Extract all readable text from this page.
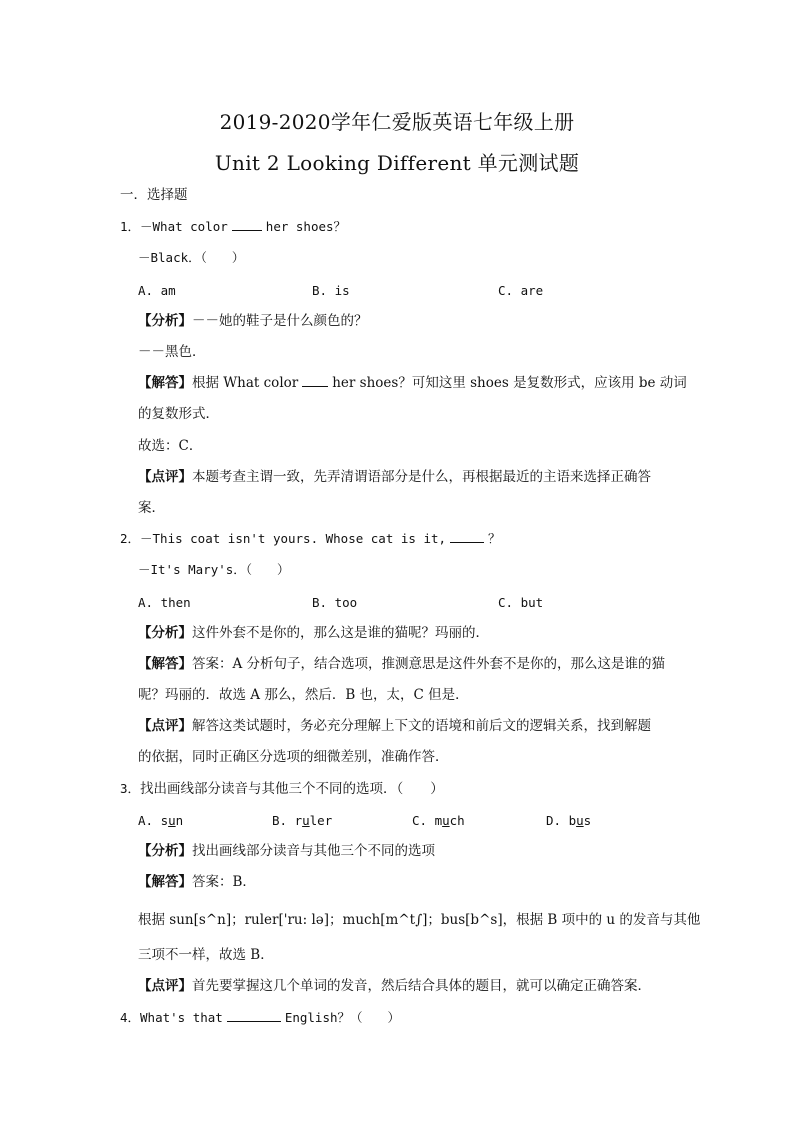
2019-2020学年仁爱版英语七年级上册
Unit 2 Looking Different 单元测试题
一．选择题
1．－What color	her shoes？
－Black．（　　）
A. am	B. is	C. are
【分析】－－她的鞋子是什么颜色的？
－－黑色．
【解答】根据 What color	her shoes？可知这里 shoes 是复数形式，应该用 be 动词
的复数形式．
故选：C．
【点评】本题考查主谓一致，先弄清谓语部分是什么，再根据最近的主语来选择正确答
案．
2．－This coat isn't yours. Whose cat is it,	？
－It's Mary's．（　　）
A. then	B. too	C. but
【分析】这件外套不是你的，那么这是谁的猫呢？玛丽的．
【解答】答案：A 分析句子，结合选项，推测意思是这件外套不是你的，那么这是谁的猫
呢？玛丽的．故选 A 那么，然后．B 也，太，C 但是．
【点评】解答这类试题时，务必充分理解上下文的语境和前后文的逻辑关系，找到解题
的依据，同时正确区分选项的细微差别，准确作答．
3．找出画线部分读音与其他三个不同的选项．（　　）
A. sun	B. ruler	C. much	D. bus
【分析】找出画线部分读音与其他三个不同的选项
【解答】答案：B．
根据 sun[s^n]；ruler['ru: lə]；much[m^t∫]；bus[b^s]，根据 B 项中的 u 的发音与其他
三项不一样，故选 B．
【点评】首先要掌握这几个单词的发音，然后结合具体的题目，就可以确定正确答案．
4．What's that	English？（　　）
